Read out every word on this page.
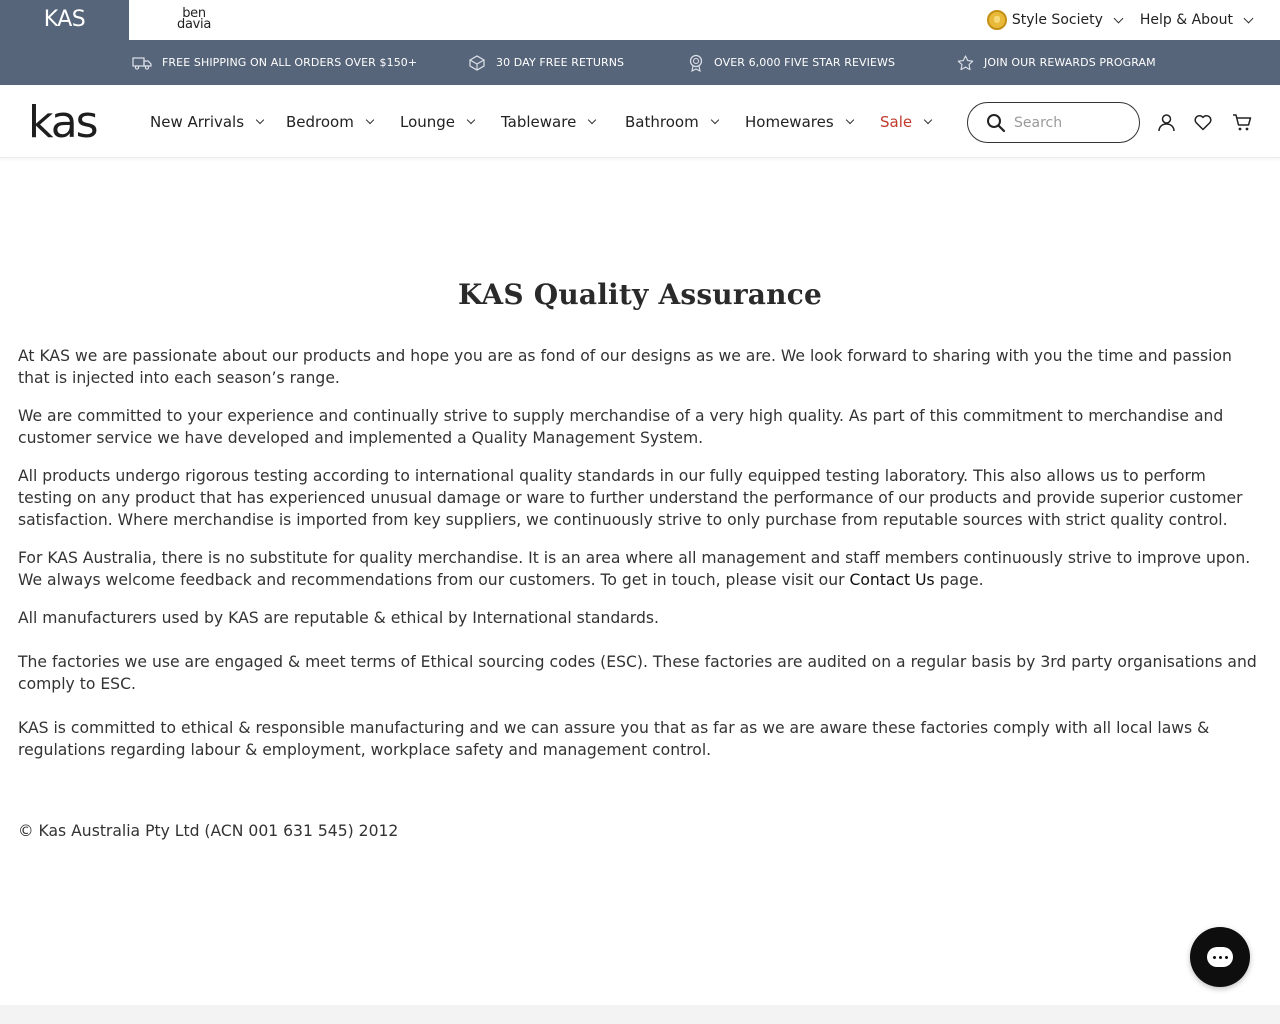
KAS	ben
davia	Style Society	Help & About
FREE SHIPPING ON ALL ORDERS OVER $150+	30 DAY FREE RETURNS	OVER 6,000 FIVE STAR REVIEWS	JOIN OUR REWARDS PROGRAM
kas	New Arrivals	Bedroom	Lounge	Tableware	Bathroom	Homewares	Sale
Search
KAS Quality Assurance

At KAS we are passionate about our products and hope you are as fond of our designs as we are. We look forward to sharing with you the time and passion that is injected into each season’s range.

We are committed to your experience and continually strive to supply merchandise of a very high quality. As part of this commitment to merchandise and customer service we have developed and implemented a Quality Management System.

All products undergo rigorous testing according to international quality standards in our fully equipped testing laboratory. This also allows us to perform testing on any product that has experienced unusual damage or ware to further understand the performance of our products and provide superior customer satisfaction. Where merchandise is imported from key suppliers, we continuously strive to only purchase from reputable sources with strict quality control.

For KAS Australia, there is no substitute for quality merchandise. It is an area where all management and staff members continuously strive to improve upon. We always welcome feedback and recommendations from our customers. To get in touch, please visit our Contact Us page.

All manufacturers used by KAS are reputable & ethical by International standards.

The factories we use are engaged & meet terms of Ethical sourcing codes (ESC). These factories are audited on a regular basis by 3rd party organisations and comply to ESC.

KAS is committed to ethical & responsible manufacturing and we can assure you that as far as we are aware these factories comply with all local laws & regulations regarding labour & employment, workplace safety and management control.

© Kas Australia Pty Ltd (ACN 001 631 545) 2012
